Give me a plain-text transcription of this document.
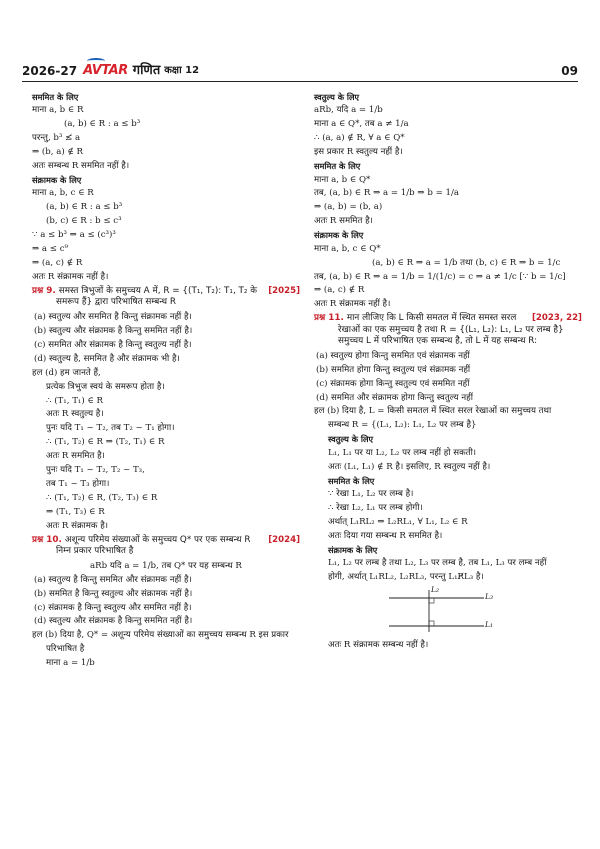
2026-27 AVTAR गणित कक्षा 12	09
सममित के लिए
माना a, b ∈ R
(a, b) ∈ R : a ≤ b³
परन्तु, b³ ≰ a
⇒ (b, a) ∉ R
अतः सम्बन्ध R सममित नहीं है।
संक्रामक के लिए
माना a, b, c ∈ R
(a, b) ∈ R : a ≤ b³
(b, c) ∈ R : b ≤ c³
∵ a ≤ b³ ⇒ a ≤ (c³)³
⇒ a ≤ c⁹
⇒ (a, c) ∉ R
अतः R संक्रामक नहीं है।
[2025]
प्रश्न 9. समस्त त्रिभुजों के समुच्चय A में, R = {(T₁, T₂): T₁, T₂ के समरूप हैं} द्वारा परिभाषित सम्बन्ध R
(a) स्वतुल्य और सममित है किन्तु संक्रामक नहीं है।
(b) स्वतुल्य और संक्रामक है किन्तु सममित नहीं है।
(c) सममित और संक्रामक है किन्तु स्वतुल्य नहीं है।
(d) स्वतुल्य है, सममित है और संक्रामक भी है।
हल (d) हम जानते हैं,
प्रत्येक त्रिभुज स्वयं के समरूप होता है।
∴ (T₁, T₁) ∈ R
अतः R स्वतुल्य है।
पुनः यदि T₁ ~ T₂, तब T₂ ~ T₁ होगा।
∴ (T₁, T₂) ∈ R ⇒ (T₂, T₁) ∈ R
अतः R सममित है।
पुनः यदि T₁ ~ T₂, T₂ ~ T₃,
तब T₁ ~ T₃ होगा।
∴ (T₁, T₂) ∈ R, (T₂, T₃) ∈ R
⇒ (T₁, T₃) ∈ R
अतः R संक्रामक है।
[2024]
प्रश्न 10. अशून्य परिमेय संख्याओं के समुच्चय Q* पर एक सम्बन्ध R निम्न प्रकार परिभाषित है
aRb यदि a = 1/b, तब Q* पर यह सम्बन्ध R
(a) स्वतुल्य है किन्तु सममित और संक्रामक नहीं है।
(b) सममित है किन्तु स्वतुल्य और संक्रामक नहीं है।
(c) संक्रामक है किन्तु स्वतुल्य और सममित नहीं है।
(d) स्वतुल्य और संक्रामक है किन्तु सममित नहीं है।
हल (b) दिया है, Q* = अशून्य परिमेय संख्याओं का समुच्चय सम्बन्ध R इस प्रकार
परिभाषित है
माना a = 1/b
स्वतुल्य के लिए
aRb, यदि a = 1/b
माना a ∈ Q*, तब a ≠ 1/a
∴ (a, a) ∉ R, ∀ a ∈ Q*
इस प्रकार R स्वतुल्य नहीं है।
सममित के लिए
माना a, b ∈ Q*
तब, (a, b) ∈ R ⇒ a = 1/b ⇒ b = 1/a
⇒ (a, b) = (b, a)
अतः R सममित है।
संक्रामक के लिए
माना a, b, c ∈ Q*
(a, b) ∈ R ⇒ a = 1/b तथा (b, c) ∈ R ⇒ b = 1/c
तब, (a, b) ∈ R ⇒ a = 1/b = 1/(1/c) = c ⇒ a ≠ 1/c [∵ b = 1/c]
⇒ (a, c) ∉ R
अतः R संक्रामक नहीं है।
[2023, 22]
प्रश्न 11. मान लीजिए कि L किसी समतल में स्थित समस्त सरल रेखाओं का एक समुच्चय है तथा R = {(L₁, L₂): L₁, L₂ पर लम्ब है} समुच्चय L में परिभाषित एक सम्बन्ध है, तो L में यह सम्बन्ध R:
(a) स्वतुल्य होगा किन्तु सममित एवं संक्रामक नहीं
(b) सममित होगा किन्तु स्वतुल्य एवं संक्रामक नहीं
(c) संक्रामक होगा किन्तु स्वतुल्य एवं सममित नहीं
(d) सममित और संक्रामक होगा किन्तु स्वतुल्य नहीं
हल (b) दिया है, L = किसी समतल में स्थित सरल रेखाओं का समुच्चय तथा
सम्बन्ध R = {(L₁, L₂): L₁, L₂ पर लम्ब है}
स्वतुल्य के लिए
L₁, L₁ पर या L₂, L₂ पर लम्ब नहीं हो सकती।
अतः (L₁, L₁) ∉ R है। इसलिए, R स्वतुल्य नहीं है।
सममित के लिए
∵ रेखा L₁, L₂ पर लम्ब है।
∴ रेखा L₂, L₁ पर लम्ब होगी।
अर्थात् L₁RL₂ ⇒ L₂RL₁, ∀ L₁, L₂ ∈ R
अतः दिया गया सम्बन्ध R सममित है।
संक्रामक के लिए
L₁, L₂ पर लम्ब है तथा L₂, L₃ पर लम्ब है, तब L₁, L₃ पर लम्ब नहीं
होगी, अर्थात् L₁RL₂, L₂RL₃, परन्तु L₁R̸L₃ है।
L₂
L₃
L₁
अतः R संक्रामक सम्बन्ध नहीं है।
